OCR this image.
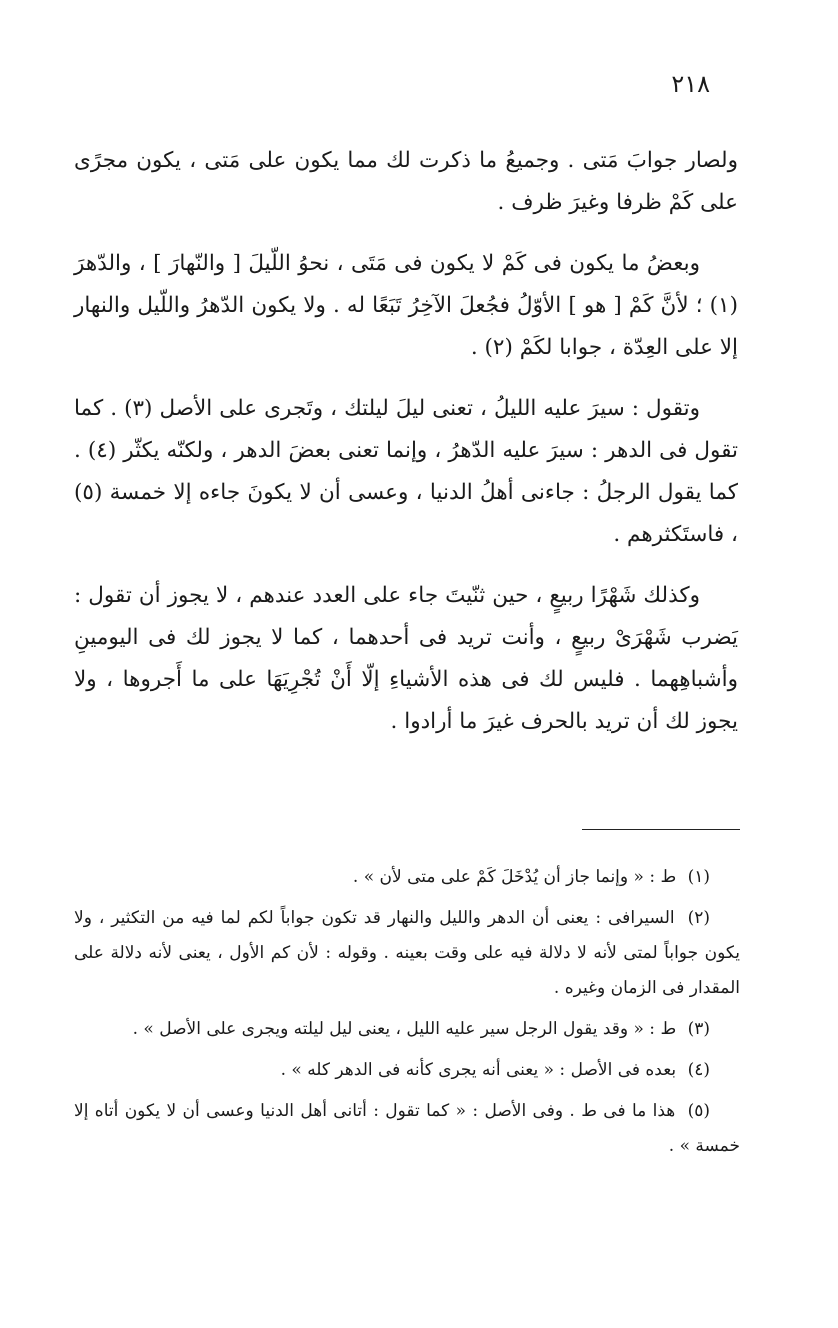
٢١٨

ولصار جوابَ مَتى . وجميعُ ما ذكرت لك مما يكون على مَتى ، يكون مجرًى على كَمْ ظرفا وغيرَ ظرف .

وبعضُ ما يكون فى كَمْ لا يكون فى مَتَى ، نحوُ اللّيلَ [ والنّهارَ ] ، والدّهرَ (١) ؛ لأنَّ كَمْ [ هو ] الأوّلُ فجُعلَ الآخِرُ تَبَعًا له . ولا يكون الدّهرُ واللّيل والنهار إلا على العِدّة ، جوابا لكَمْ (٢) .

وتقول : سيرَ عليه الليلُ ، تعنى ليلَ ليلتك ، وتَجرى على الأصل (٣) . كما تقول فى الدهر : سيرَ عليه الدّهرُ ، وإنما تعنى بعضَ الدهر ، ولكنّه يكثّر (٤) . كما يقول الرجلُ : جاءنى أهلُ الدنيا ، وعسى أن لا يكونَ جاءه إلا خمسة (٥) ، فاستَكثرهم .

وكذلك شَهْرًا ربيعٍ ، حين ثنّيتَ جاء على العدد عندهم ، لا يجوز أن تقول : يَضرب شَهْرَىْ ربيعٍ ، وأنت تريد فى أحدهما ، كما لا يجوز لك فى اليومينِ وأشباهِهما . فليس لك فى هذه الأشياءِ إلّا أَنْ تُجْرِيَهَا على ما أَجروها ، ولا يجوز لك أن تريد بالحرف غيرَ ما أرادوا .

(١) ط : « وإنما جاز أن يُدْخَلَ كَمْ على متى لأن » .

(٢) السيرافى : يعنى أن الدهر والليل والنهار قد تكون جواباً لكم لما فيه من التكثير ، ولا يكون جواباً لمتى لأنه لا دلالة فيه على وقت بعينه . وقوله : لأن كم الأول ، يعنى لأنه دلالة على المقدار فى الزمان وغيره .

(٣) ط : « وقد يقول الرجل سير عليه الليل ، يعنى ليل ليلته ويجرى على الأصل » .

(٤) بعده فى الأصل : « يعنى أنه يجرى كأنه فى الدهر كله » .

(٥) هذا ما فى ط . وفى الأصل : « كما تقول : أتانى أهل الدنيا وعسى أن لا يكون أتاه إلا خمسة » .
